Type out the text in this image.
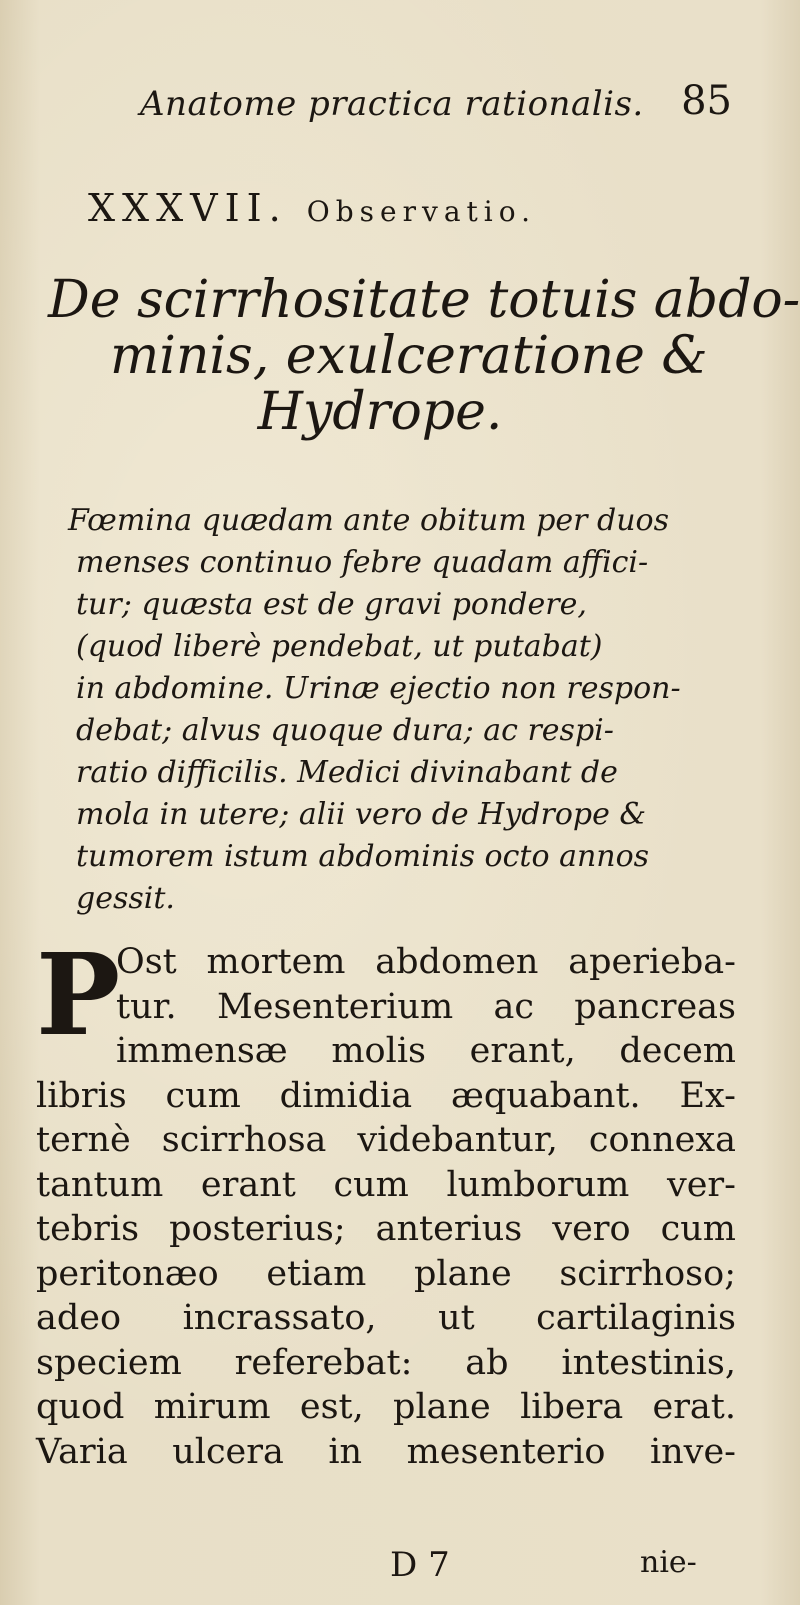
Anatome practica rationalis. 85
XXXVII. Observatio.
De scirrhositate totuis abdo-
minis, exulceratione &
Hydrope.
Fœmina quædam ante obitum per duos
menses continuo febre quadam affici-
tur; quæsta est de gravi pondere,
(quod liberè pendebat, ut putabat)
in abdomine. Urinæ ejectio non respon-
debat; alvus quoque dura; ac respi-
ratio difficilis. Medici divinabant de
mola in utere; alii vero de Hydrope &
tumorem istum abdominis octo annos
gessit.
P
Ost mortem abdomen aperieba-
tur. Mesenterium ac pancreas
immensæ molis erant, decem
libris cum dimidia æquabant. Ex-
ternè scirrhosa videbantur, connexa
tantum erant cum lumborum ver-
tebris posterius; anterius vero cum
peritonæo etiam plane scirrhoso;
adeo incrassato, ut cartilaginis
speciem referebat: ab intestinis,
quod mirum est, plane libera erat.
Varia ulcera in mesenterio inve-
D 7	nie-
